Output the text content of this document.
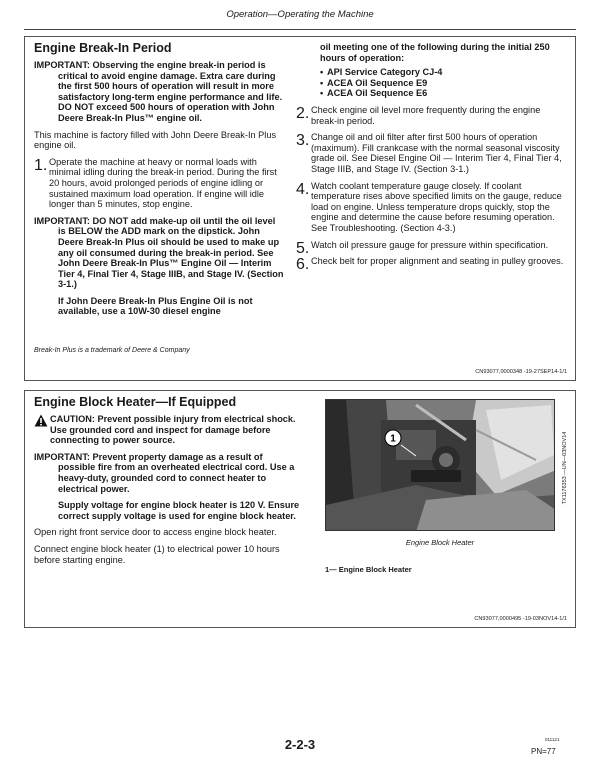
Operation—Operating the Machine
Engine Break-In Period

IMPORTANT: Observing the engine break-in period is critical to avoid engine damage. Extra care during the first 500 hours of operation will result in more satisfactory long-term engine performance and life. DO NOT exceed 500 hours of operation with John Deere Break-In Plus™ engine oil.

This machine is factory filled with John Deere Break-In Plus engine oil.

1. Operate the machine at heavy or normal loads with minimal idling during the break-in period. During the first 20 hours, avoid prolonged periods of engine idling or sustained maximum load operation. If engine will idle longer than 5 minutes, stop engine.

IMPORTANT: DO NOT add make-up oil until the oil level is BELOW the ADD mark on the dipstick. John Deere Break-In Plus oil should be used to make up any oil consumed during the break-in period. See John Deere Break-In Plus™ Engine Oil — Interim Tier 4, Final Tier 4, Stage IIIB, and Stage IV. (Section 3-1.)

If John Deere Break-In Plus Engine Oil is not available, use a 10W-30 diesel engine

oil meeting one of the following during the initial 250 hours of operation:

• API Service Category CJ-4
• ACEA Oil Sequence E9
• ACEA Oil Sequence E6
2. Check engine oil level more frequently during the engine break-in period.

3. Change oil and oil filter after first 500 hours of operation (maximum). Fill crankcase with the normal seasonal viscosity grade oil. See Diesel Engine Oil — Interim Tier 4, Final Tier 4, Stage IIIB, and Stage IV. (Section 3-1.)

4. Watch coolant temperature gauge closely. If coolant temperature rises above specified limits on the gauge, reduce load on engine. Unless temperature drops quickly, stop the engine and determine the cause before resuming operation. See Troubleshooting. (Section 4-3.)

5. Watch oil pressure gauge for pressure within specification.

6. Check belt for proper alignment and seating in pulley grooves.

Break-In Plus is a trademark of Deere & Company
CN93077,0000348 -19-27SEP14-1/1
Engine Block Heater—If Equipped

CAUTION: Prevent possible injury from electrical shock. Use grounded cord and inspect for damage before connecting to power source.

IMPORTANT: Prevent property damage as a result of possible fire from an overheated electrical cord. Use a heavy-duty, grounded cord to connect heater to electrical power.

Supply voltage for engine block heater is 120 V. Ensure correct supply voltage is used for engine block heater.

Open right front service door to access engine block heater.

Connect engine block heater (1) to electrical power 10 hours before starting engine.

1	TX1176353 —UN—03NOV14
Engine Block Heater
1— Engine Block Heater
CN93077,0000495 -19-03NOV14-1/1
2-2-3	011121
PN=77
